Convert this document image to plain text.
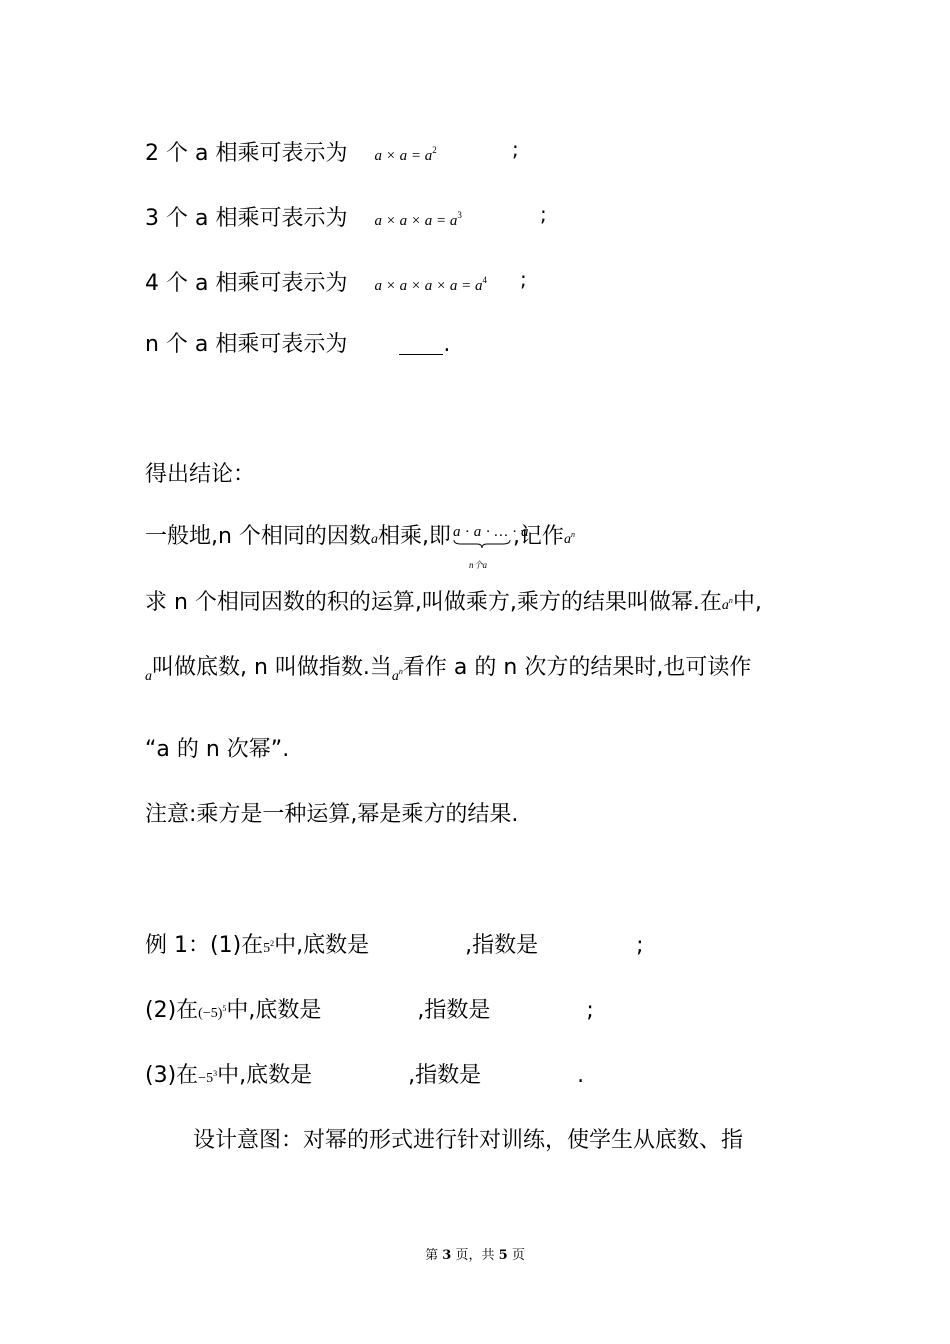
2 个 a 相乘可表示为 $a \times a = a^2$	;
3 个 a 相乘可表示为 $a \times a \times a = a^3$	;
4 个 a 相乘可表示为 $a \times a \times a \times a = a^4$ ;
n 个 a 相乘可表示为	.
得出结论：
一般地,n 个相同的因数a相乘,即 a · a · … · a
n个a
,记作$a^n$
求 n 个相同因数的积的运算,叫做乘方,乘方的结果叫做幂.在$a^n$中,
$_a$叫做底数, n 叫做指数.当$_{a^n}$看作 a 的 n 次方的结果时,也可读作
“a 的 n 次幂”.
注意:乘方是一种运算,幂是乘方的结果.
例 1：(1)在$5^2$中,底数是	,指数是	;
(2)在$(-5)^5$中,底数是	,指数是	;
(3)在$-5^3$中,底数是	,指数是	.
设计意图：对幂的形式进行针对训练，使学生从底数、指
第 3 页，共 5 页
